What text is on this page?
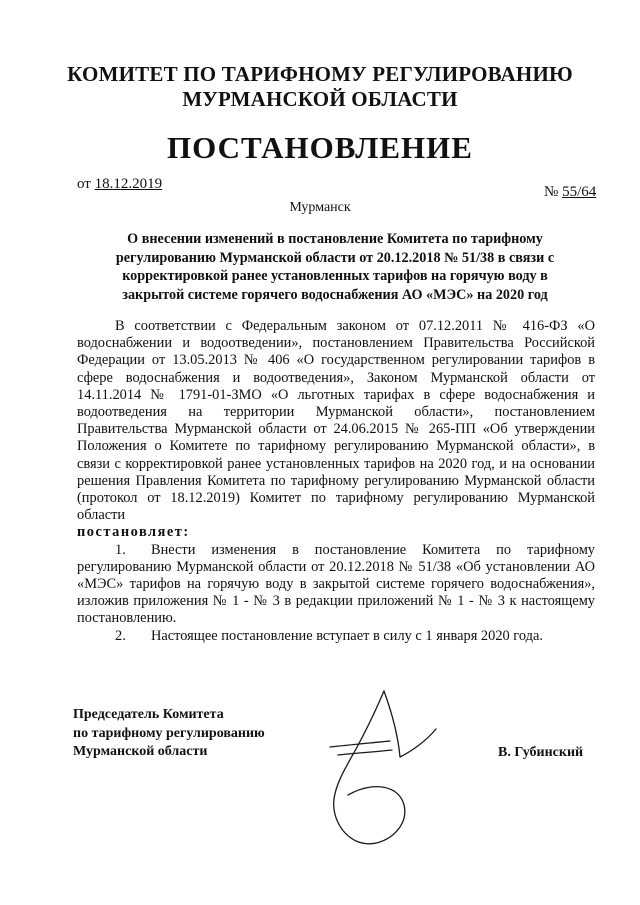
КОМИТЕТ ПО ТАРИФНОМУ РЕГУЛИРОВАНИЮ
МУРМАНСКОЙ ОБЛАСТИ
ПОСТАНОВЛЕНИЕ
от 18.12.2019	№ 55/64
Мурманск
О внесении изменений в постановление Комитета по тарифному регулированию Мурманской области от 20.12.2018 № 51/38 в связи с корректировкой ранее установленных тарифов на горячую воду в закрытой системе горячего водоснабжения АО «МЭС» на 2020 год

В соответствии с Федеральным законом от 07.12.2011 № 416-ФЗ «О водоснабжении и водоотведении», постановлением Правительства Российской Федерации от 13.05.2013 № 406 «О государственном регулировании тарифов в сфере водоснабжения и водоотведения», Законом Мурманской области от 14.11.2014 № 1791-01-ЗМО «О льготных тарифах в сфере водоснабжения и водоотведения на территории Мурманской области», постановлением Правительства Мурманской области от 24.06.2015 № 265-ПП «Об утверждении Положения о Комитете по тарифному регулированию Мурманской области», в связи с корректировкой ранее установленных тарифов на 2020 год, и на основании решения Правления Комитета по тарифному регулированию Мурманской области (протокол от 18.12.2019) Комитет по тарифному регулированию Мурманской области

постановляет:

1. Внести изменения в постановление Комитета по тарифному регулированию Мурманской области от 20.12.2018 № 51/38 «Об установлении АО «МЭС» тарифов на горячую воду в закрытой системе горячего водоснабжения», изложив приложения № 1 - № 3 в редакции приложений № 1 - № 3 к настоящему постановлению.

2. Настоящее постановление вступает в силу с 1 января 2020 года.

Председатель Комитета
по тарифному регулированию
Мурманской области	В. Губинский
